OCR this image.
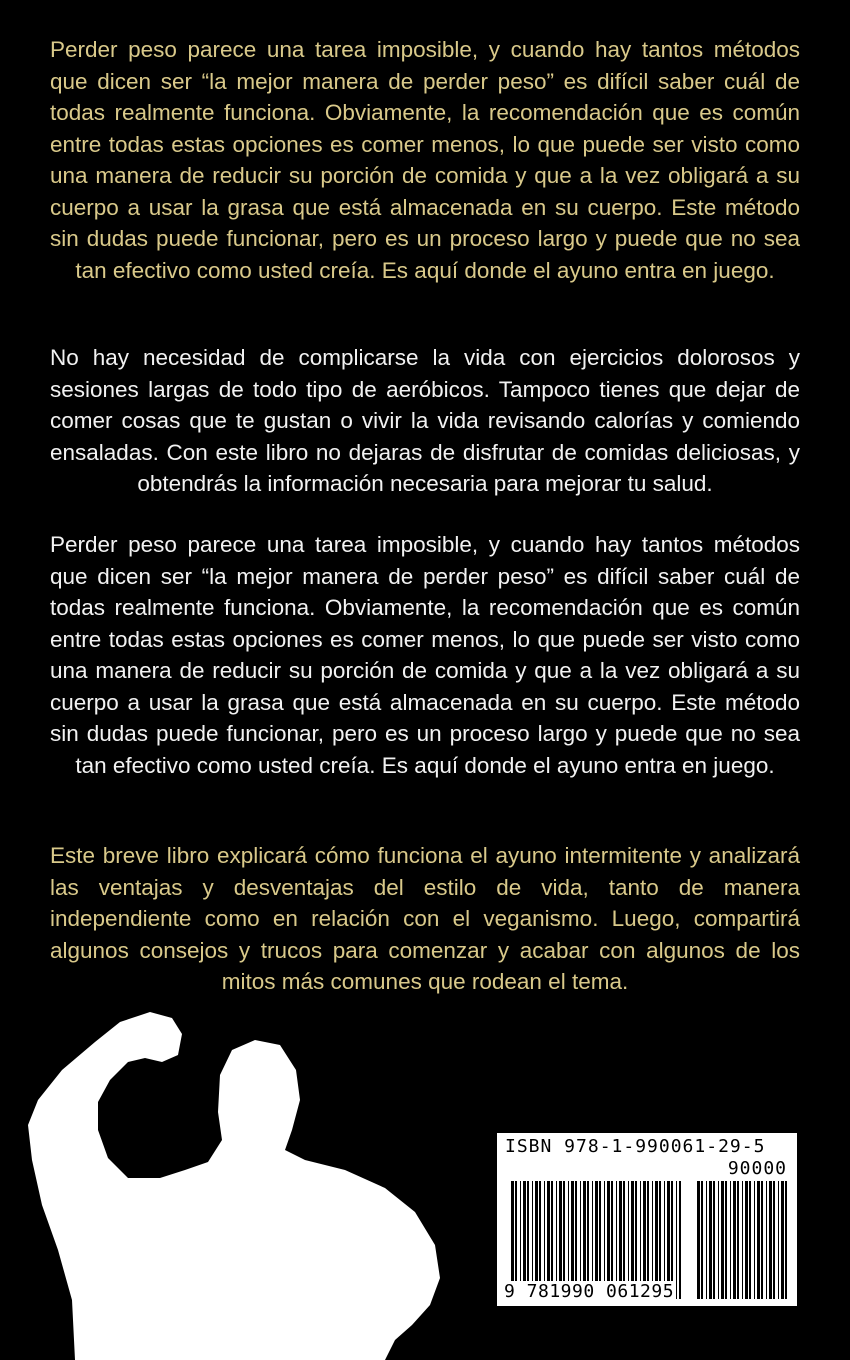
Perder peso parece una tarea imposible, y cuando hay tantos métodos que dicen ser “la mejor manera de perder peso” es difícil saber cuál de todas realmente funciona. Obviamente, la recomendación que es común entre todas estas opciones es comer menos, lo que puede ser visto como una manera de reducir su porción de comida y que a la vez obligará a su cuerpo a usar la grasa que está almacenada en su cuerpo. Este método sin dudas puede funcionar, pero es un proceso largo y puede que no sea tan efectivo como usted creía. Es aquí donde el ayuno entra en juego.

No hay necesidad de complicarse la vida con ejercicios dolorosos y sesiones largas de todo tipo de aeróbicos. Tampoco tienes que dejar de comer cosas que te gustan o vivir la vida revisando calorías y comiendo ensaladas. Con este libro no dejaras de disfrutar de comidas deliciosas, y obtendrás la información necesaria para mejorar tu salud.

Perder peso parece una tarea imposible, y cuando hay tantos métodos que dicen ser “la mejor manera de perder peso” es difícil saber cuál de todas realmente funciona. Obviamente, la recomendación que es común entre todas estas opciones es comer menos, lo que puede ser visto como una manera de reducir su porción de comida y que a la vez obligará a su cuerpo a usar la grasa que está almacenada en su cuerpo. Este método sin dudas puede funcionar, pero es un proceso largo y puede que no sea tan efectivo como usted creía. Es aquí donde el ayuno entra en juego.

Este breve libro explicará cómo funciona el ayuno intermitente y analizará las ventajas y desventajas del estilo de vida, tanto de manera independiente como en relación con el veganismo. Luego, compartirá algunos consejos y trucos para comenzar y acabar con algunos de los mitos más comunes que rodean el tema.

ISBN 978-1-990061-29-5
90000
9 781990 061295
